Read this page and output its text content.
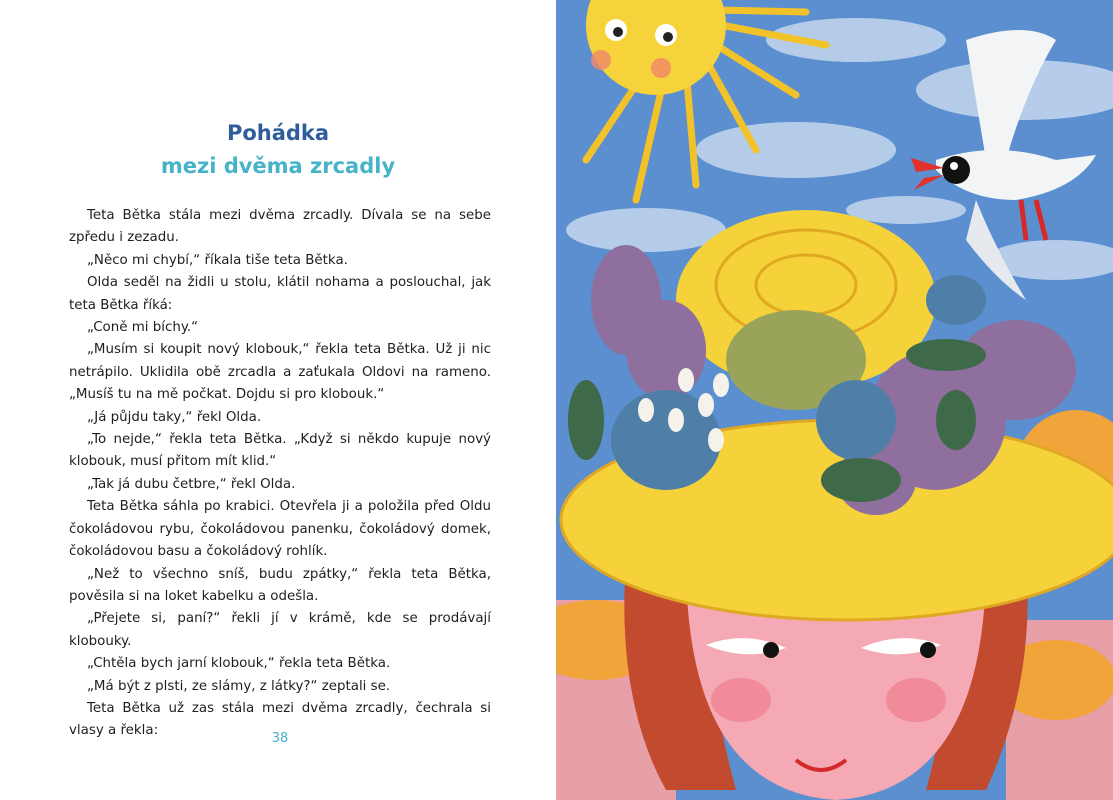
Pohádka
mezi dvěma zrcadly

Teta Bětka stála mezi dvěma zrcadly. Dívala se na sebe zpředu i zezadu.

„Něco mi chybí,“ říkala tiše teta Bětka.

Olda seděl na židli u stolu, klátil nohama a poslouchal, jak teta Bětka říká:

„Coně mi bíchy.“

„Musím si koupit nový klobouk,“ řekla teta Bětka. Už ji nic netrápilo. Uklidila obě zrcadla a zaťukala Oldovi na rameno. „Musíš tu na mě počkat. Dojdu si pro klobouk.“

„Já půjdu taky,“ řekl Olda.

„To nejde,“ řekla teta Bětka. „Když si někdo kupuje nový klobouk, musí přitom mít klid.“

„Tak já dubu četbre,“ řekl Olda.

Teta Bětka sáhla po krabici. Otevřela ji a položila před Oldu čokoládovou rybu, čokoládovou panenku, čokoládový domek, čokoládovou basu a čokoládový rohlík.

„Než to všechno sníš, budu zpátky,“ řekla teta Bětka, pověsila si na loket kabelku a odešla.

„Přejete si, paní?“ řekli jí v krámě, kde se prodávají klobouky.

„Chtěla bych jarní klobouk,“ řekla teta Bětka.

„Má být z plsti, ze slámy, z látky?“ zeptali se.

Teta Bětka už zas stála mezi dvěma zrcadly, čechrala si vlasy a řekla:

38
